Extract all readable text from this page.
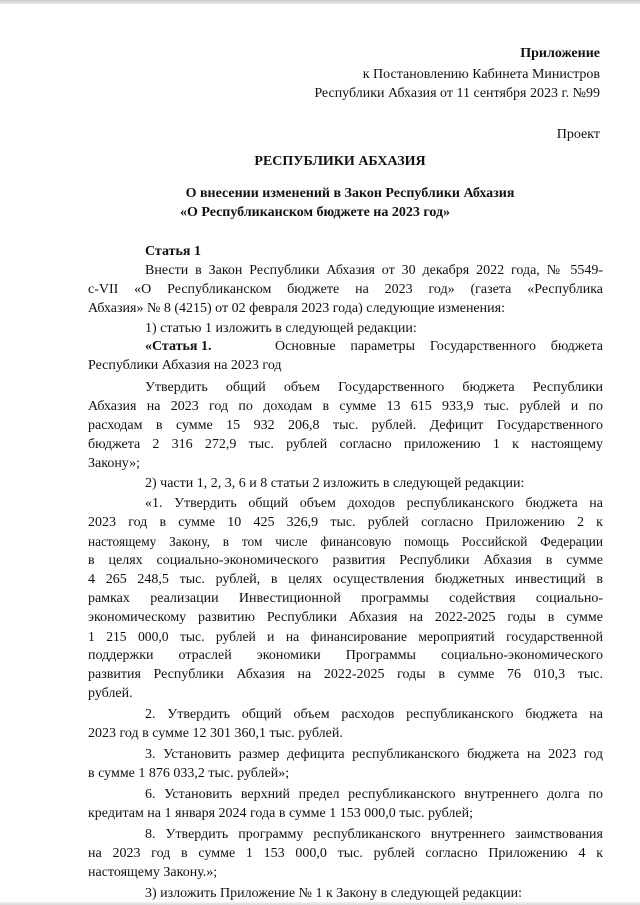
Приложение
к Постановлению Кабинета Министров
Республики Абхазия от 11 сентября 2023 г. №99
Проект
РЕСПУБЛИКИ АБХАЗИЯ
О внесении изменений в Закон Республики Абхазия
«О Республиканском бюджете на 2023 год»
Статья 1
Внести в Закон Республики Абхазия от 30 декабря 2022 года, № 5549-
с-VII «О Республиканском бюджете на 2023 год» (газета «Республика
Абхазия» № 8 (4215) от 02 февраля 2023 года) следующие изменения:
1) статью 1 изложить в следующей редакции:
«Статья 1.	Основные параметры Государственного бюджета
Республики Абхазия на 2023 год
Утвердить общий объем Государственного бюджета Республики
Абхазия на 2023 год по доходам в сумме 13 615 933,9 тыс. рублей и по
расходам в сумме 15 932 206,8 тыс. рублей. Дефицит Государственного
бюджета 2 316 272,9 тыс. рублей согласно приложению 1 к настоящему
Закону»;
2) части 1, 2, 3, 6 и 8 статьи 2 изложить в следующей редакции:
«1. Утвердить общий объем доходов республиканского бюджета на
2023 год в сумме 10 425 326,9 тыс. рублей согласно Приложению 2 к
настоящему Закону, в том числе финансовую помощь Российской Федерации
в целях социально-экономического развития Республики Абхазия в сумме
4 265 248,5 тыс. рублей, в целях осуществления бюджетных инвестиций в
рамках реализации Инвестиционной программы содействия социально-
экономическому развитию Республики Абхазия на 2022-2025 годы в сумме
1 215 000,0 тыс. рублей и на финансирование мероприятий государственной
поддержки отраслей экономики Программы социально-экономического
развития Республики Абхазия на 2022-2025 годы в сумме 76 010,3 тыс.
рублей.
2. Утвердить общий объем расходов республиканского бюджета на
2023 год в сумме 12 301 360,1 тыс. рублей.
3. Установить размер дефицита республиканского бюджета на 2023 год
в сумме 1 876 033,2 тыс. рублей»;
6. Установить верхний предел республиканского внутреннего долга по
кредитам на 1 января 2024 года в сумме 1 153 000,0 тыс. рублей;
8. Утвердить программу республиканского внутреннего заимствования
на 2023 год в сумме 1 153 000,0 тыс. рублей согласно Приложению 4 к
настоящему Закону.»;
3) изложить Приложение № 1 к Закону в следующей редакции:
